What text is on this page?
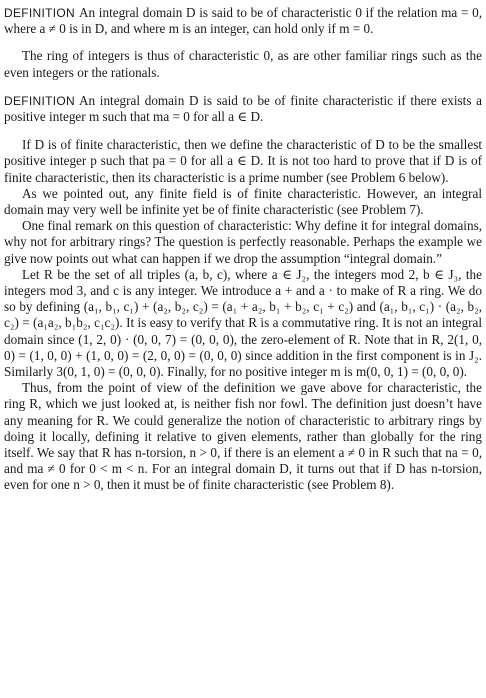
DEFINITION An integral domain D is said to be of characteristic 0 if the relation ma = 0, where a ≠ 0 is in D, and where m is an integer, can hold only if m = 0.

The ring of integers is thus of characteristic 0, as are other familiar rings such as the even integers or the rationals.

DEFINITION An integral domain D is said to be of finite characteristic if there exists a positive integer m such that ma = 0 for all a ∈ D.

If D is of finite characteristic, then we define the characteristic of D to be the smallest positive integer p such that pa = 0 for all a ∈ D. It is not too hard to prove that if D is of finite characteristic, then its characteristic is a prime number (see Problem 6 below).

As we pointed out, any finite field is of finite characteristic. However, an integral domain may very well be infinite yet be of finite characteristic (see Problem 7).

One final remark on this question of characteristic: Why define it for integral domains, why not for arbitrary rings? The question is perfectly reasonable. Perhaps the example we give now points out what can happen if we drop the assumption “integral domain.”

Let R be the set of all triples (a, b, c), where a ∈ J₂, the integers mod 2, b ∈ J₃, the integers mod 3, and c is any integer. We introduce a + and a · to make of R a ring. We do so by defining (a₁, b₁, c₁) + (a₂, b₂, c₂) = (a₁ + a₂, b₁ + b₂, c₁ + c₂) and (a₁, b₁, c₁) · (a₂, b₂, c₂) = (a₁a₂, b₁b₂, c₁c₂). It is easy to verify that R is a commutative ring. It is not an integral domain since (1, 2, 0) · (0, 0, 7) = (0, 0, 0), the zero-element of R. Note that in R, 2(1, 0, 0) = (1, 0, 0) + (1, 0, 0) = (2, 0, 0) = (0, 0, 0) since addition in the first component is in J₂. Similarly 3(0, 1, 0) = (0, 0, 0). Finally, for no positive integer m is m(0, 0, 1) = (0, 0, 0).

Thus, from the point of view of the definition we gave above for characteristic, the ring R, which we just looked at, is neither fish nor fowl. The definition just doesn’t have any meaning for R. We could generalize the notion of characteristic to arbitrary rings by doing it locally, defining it relative to given elements, rather than globally for the ring itself. We say that R has n-torsion, n > 0, if there is an element a ≠ 0 in R such that na = 0, and ma ≠ 0 for 0 < m < n. For an integral domain D, it turns out that if D has n-torsion, even for one n > 0, then it must be of finite characteristic (see Problem 8).
